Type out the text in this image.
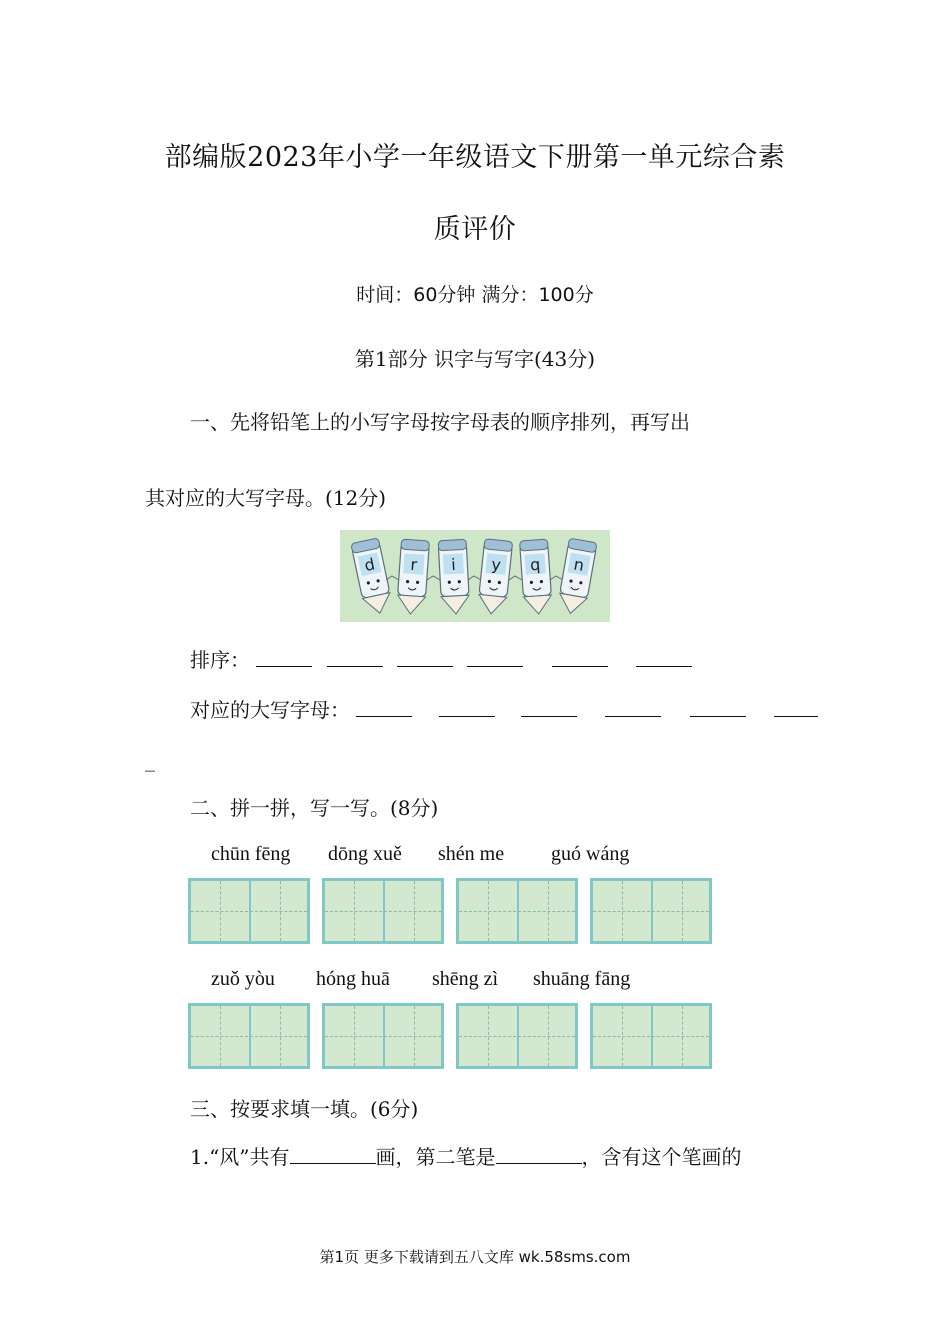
部编版2023年小学一年级语文下册第一单元综合素
质评价
时间：60分钟 满分：100分
第1部分 识字与写字(43分)
一、先将铅笔上的小写字母按字母表的顺序排列，再写出
其对应的大写字母。(12分)
d r i y q n
排序：
对应的大写字母：
_
二、拼一拼，写一写。(8分)
chūn fēng dōng xuě shén me guó wáng
zuǒ yòu hóng huā shēng zì shuāng fāng
三、按要求填一填。(6分)
1.“风”共有	画，第二笔是	，含有这个笔画的
第1页 更多下载请到五八文库 wk.58sms.com
